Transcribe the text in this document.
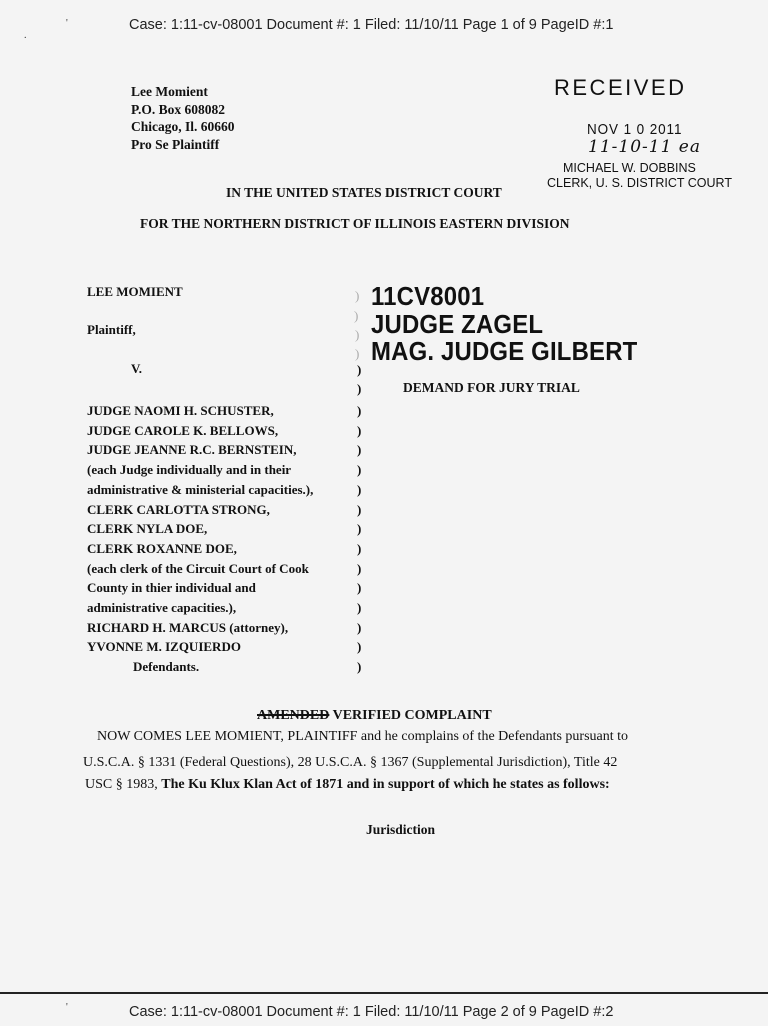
'
.
Case: 1:11-cv-08001 Document #: 1 Filed: 11/10/11 Page 1 of 9 PageID #:1
Lee Momient
P.O. Box 608082
Chicago, Il. 60660
Pro Se Plaintiff
RECEIVED
NOV 1 0 2011
11-10-11 ea
MICHAEL W. DOBBINS
CLERK, U. S. DISTRICT COURT
IN THE UNITED STATES DISTRICT COURT
FOR THE NORTHERN DISTRICT OF ILLINOIS EASTERN DIVISION
LEE MOMIENT
Plaintiff,
V.
JUDGE NAOMI H. SCHUSTER,
JUDGE CAROLE K. BELLOWS,
JUDGE JEANNE R.C. BERNSTEIN,
(each Judge individually and in their
administrative & ministerial capacities.),
CLERK CARLOTTA STRONG,
CLERK NYLA DOE,
CLERK ROXANNE DOE,
(each clerk of the Circuit Court of Cook
County in thier individual and
administrative capacities.),
RICHARD H. MARCUS (attorney),
YVONNE M. IZQUIERDO
Defendants.
)
)
)
)
)
)
)
)
)
)
)
)
)
)
)
)
)
)
)
)
11CV8001
JUDGE ZAGEL
MAG. JUDGE GILBERT
DEMAND FOR JURY TRIAL
AMENDED VERIFIED COMPLAINT
NOW COMES LEE MOMIENT, PLAINTIFF and he complains of the Defendants pursuant to
U.S.C.A. § 1331 (Federal Questions), 28 U.S.C.A. § 1367 (Supplemental Jurisdiction), Title 42
USC § 1983, The Ku Klux Klan Act of 1871 and in support of which he states as follows:
Jurisdiction
'	Case: 1:11-cv-08001 Document #: 1 Filed: 11/10/11 Page 2 of 9 PageID #:2
